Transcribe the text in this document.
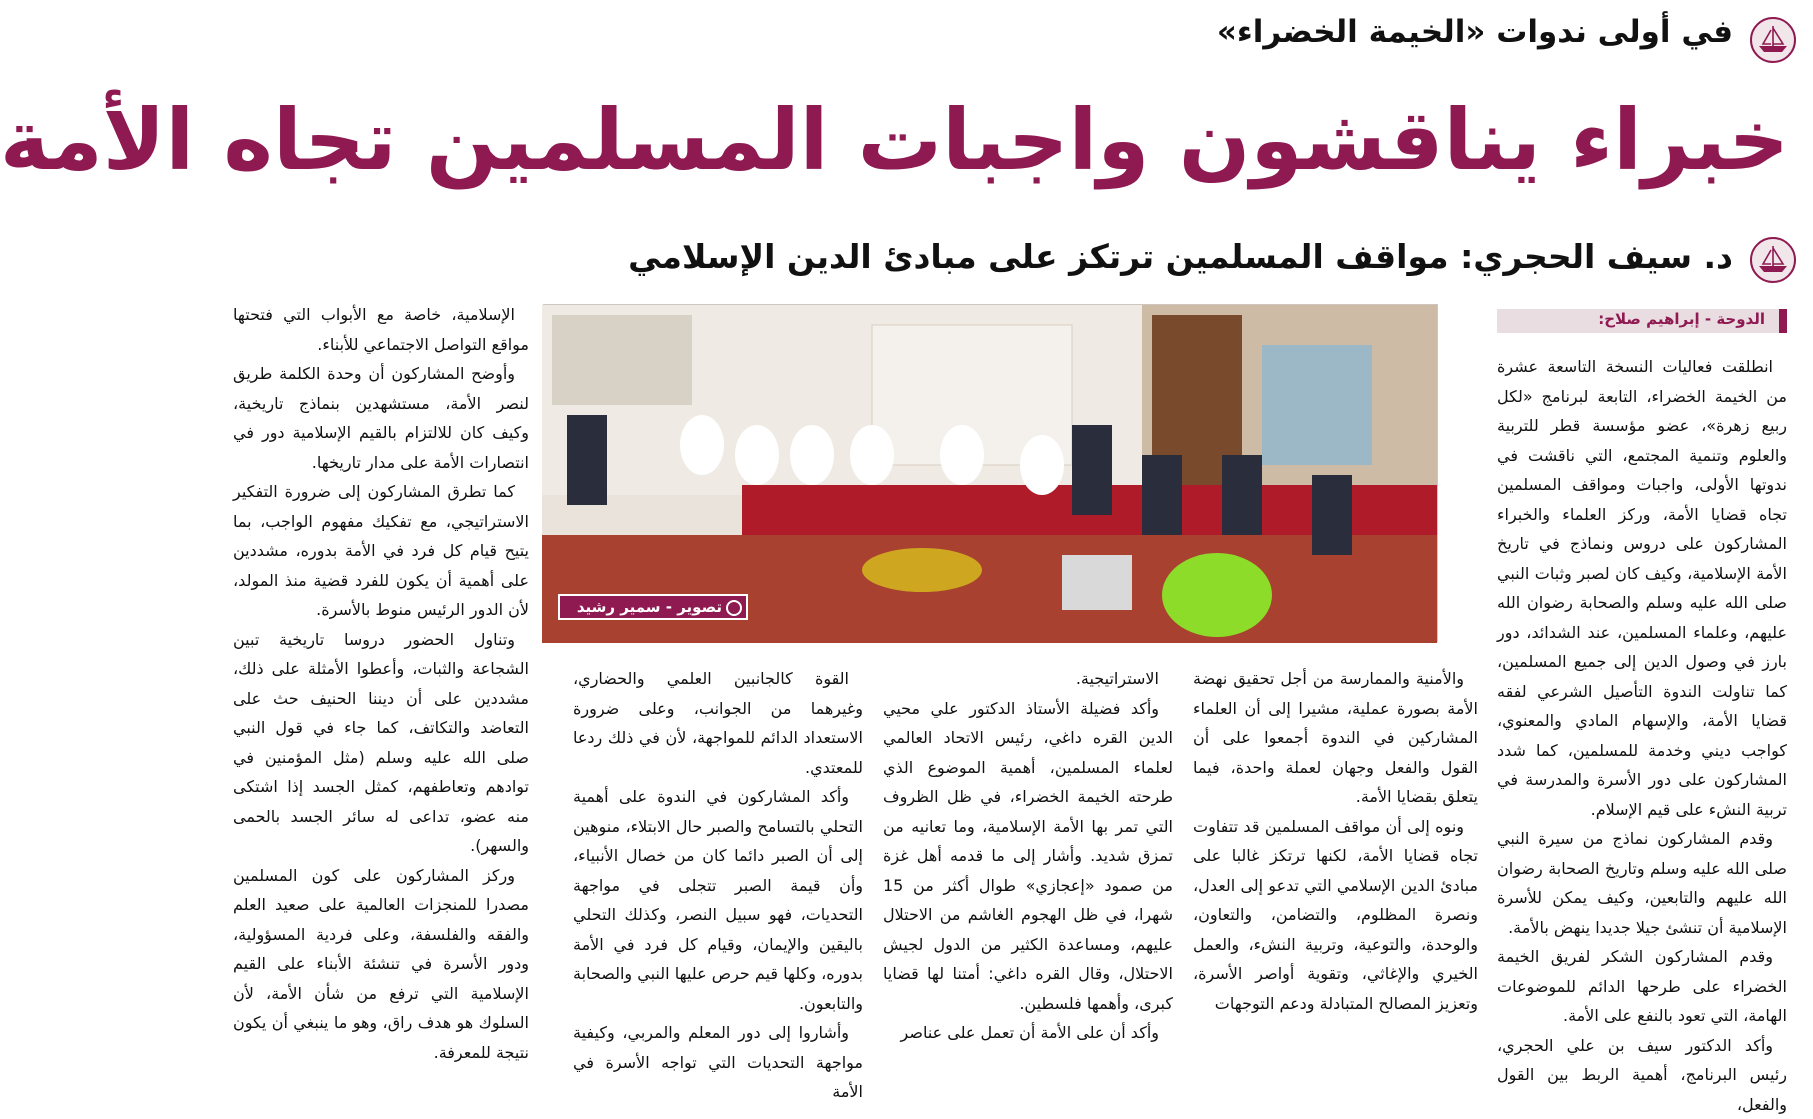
في أولى ندوات «الخيمة الخضراء»
خبراء يناقشون واجبات المسلمين تجاه الأمة
د. سيف الحجري: مواقف المسلمين ترتكز على مبادئ الدين الإسلامي
الدوحة - إبراهيم صلاح:
تصوير - سمير رشيد

انطلقت فعاليات النسخة التاسعة عشرة من الخيمة الخضراء، التابعة لبرنامج «لكل ربيع زهرة»، عضو مؤسسة قطر للتربية والعلوم وتنمية المجتمع، التي ناقشت في ندوتها الأولى، واجبات ومواقف المسلمين تجاه قضايا الأمة، وركز العلماء والخبراء المشاركون على دروس ونماذج في تاريخ الأمة الإسلامية، وكيف كان لصبر وثبات النبي صلى الله عليه وسلم والصحابة رضوان الله عليهم، وعلماء المسلمين، عند الشدائد، دور بارز في وصول الدين إلى جميع المسلمين، كما تناولت الندوة التأصيل الشرعي لفقه قضايا الأمة، والإسهام المادي والمعنوي، كواجب ديني وخدمة للمسلمين، كما شدد المشاركون على دور الأسرة والمدرسة في تربية النشء على قيم الإسلام.

وقدم المشاركون نماذج من سيرة النبي صلى الله عليه وسلم وتاريخ الصحابة رضوان الله عليهم والتابعين، وكيف يمكن للأسرة الإسلامية أن تنشئ جيلا جديدا ينهض بالأمة.

وقدم المشاركون الشكر لفريق الخيمة الخضراء على طرحها الدائم للموضوعات الهامة، التي تعود بالنفع على الأمة.

وأكد الدكتور سيف بن علي الحجري، رئيس البرنامج، أهمية الربط بين القول والفعل،

والأمنية والممارسة من أجل تحقيق نهضة الأمة بصورة عملية، مشيرا إلى أن العلماء المشاركين في الندوة أجمعوا على أن القول والفعل وجهان لعملة واحدة، فيما يتعلق بقضايا الأمة.

ونوه إلى أن مواقف المسلمين قد تتفاوت تجاه قضايا الأمة، لكنها ترتكز غالبا على مبادئ الدين الإسلامي التي تدعو إلى العدل، ونصرة المظلوم، والتضامن، والتعاون، والوحدة، والتوعية، وتربية النشء، والعمل الخيري والإغاثي، وتقوية أواصر الأسرة، وتعزيز المصالح المتبادلة ودعم التوجهات

الاستراتيجية.

وأكد فضيلة الأستاذ الدكتور علي محيي الدين القره داغي، رئيس الاتحاد العالمي لعلماء المسلمين، أهمية الموضوع الذي طرحته الخيمة الخضراء، في ظل الظروف التي تمر بها الأمة الإسلامية، وما تعانيه من تمزق شديد. وأشار إلى ما قدمه أهل غزة من صمود «إعجازي» طوال أكثر من 15 شهرا، في ظل الهجوم الغاشم من الاحتلال عليهم، ومساعدة الكثير من الدول لجيش الاحتلال، وقال القره داغي: أمتنا لها قضايا كبرى، وأهمها فلسطين.

وأكد أن على الأمة أن تعمل على عناصر

القوة كالجانبين العلمي والحضاري، وغيرهما من الجوانب، وعلى ضرورة الاستعداد الدائم للمواجهة، لأن في ذلك ردعا للمعتدي.

وأكد المشاركون في الندوة على أهمية التحلي بالتسامح والصبر حال الابتلاء، منوهين إلى أن الصبر دائما كان من خصال الأنبياء، وأن قيمة الصبر تتجلى في مواجهة التحديات، فهو سبيل النصر، وكذلك التحلي باليقين والإيمان، وقيام كل فرد في الأمة بدوره، وكلها قيم حرص عليها النبي والصحابة والتابعون.

وأشاروا إلى دور المعلم والمربي، وكيفية مواجهة التحديات التي تواجه الأسرة في الأمة

الإسلامية، خاصة مع الأبواب التي فتحتها مواقع التواصل الاجتماعي للأبناء.

وأوضح المشاركون أن وحدة الكلمة طريق لنصر الأمة، مستشهدين بنماذج تاريخية، وكيف كان للالتزام بالقيم الإسلامية دور في انتصارات الأمة على مدار تاريخها.

كما تطرق المشاركون إلى ضرورة التفكير الاستراتيجي، مع تفكيك مفهوم الواجب، بما يتيح قيام كل فرد في الأمة بدوره، مشددين على أهمية أن يكون للفرد قضية منذ المولد، لأن الدور الرئيس منوط بالأسرة.

وتناول الحضور دروسا تاريخية تبين الشجاعة والثبات، وأعطوا الأمثلة على ذلك، مشددين على أن ديننا الحنيف حث على التعاضد والتكاتف، كما جاء في قول النبي صلى الله عليه وسلم (مثل المؤمنين في توادهم وتعاطفهم، كمثل الجسد إذا اشتكى منه عضو، تداعى له سائر الجسد بالحمى والسهر).

وركز المشاركون على كون المسلمين مصدرا للمنجزات العالمية على صعيد العلم والفقه والفلسفة، وعلى فردية المسؤولية، ودور الأسرة في تنشئة الأبناء على القيم الإسلامية التي ترفع من شأن الأمة، لأن السلوك هو هدف راق، وهو ما ينبغي أن يكون نتيجة للمعرفة.
